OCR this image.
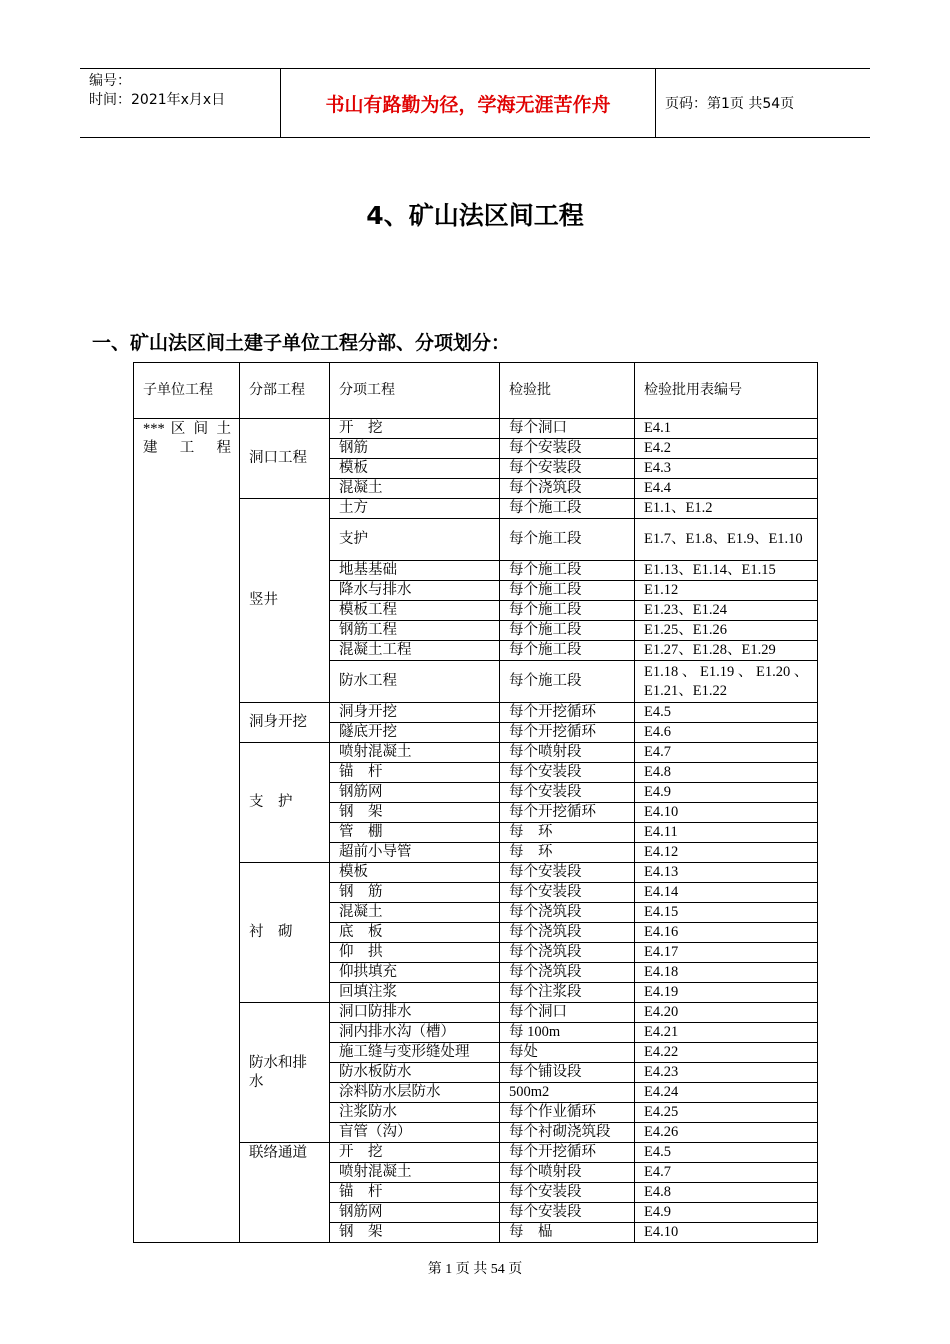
编号：
时间：2021年x月x日	书山有路勤为径，学海无涯苦作舟	页码：第1页 共54页
4、矿山法区间工程
一、矿山法区间土建子单位工程分部、分项划分：
子单位工程	分部工程	分项工程	检验批	检验批用表编号
*** 区 间 土建工程	洞口工程	开　挖	每个洞口	E4.1
		钢筋	每个安装段	E4.2
		模板	每个安装段	E4.3
		混凝土	每个浇筑段	E4.4
	竖井	土方	每个施工段	E1.1、E1.2
		支护	每个施工段	E1.7、E1.8、E1.9、E1.10
		地基基础	每个施工段	E1.13、E1.14、E1.15
		降水与排水	每个施工段	E1.12
		模板工程	每个施工段	E1.23、E1.24
		钢筋工程	每个施工段	E1.25、E1.26
		混凝土工程	每个施工段	E1.27、E1.28、E1.29
		防水工程	每个施工段	E1.18 、 E1.19 、 E1.20 、E1.21、E1.22
	洞身开挖	洞身开挖	每个开挖循环	E4.5
		隧底开挖	每个开挖循环	E4.6
	支　护	喷射混凝土	每个喷射段	E4.7
		锚　杆	每个安装段	E4.8
		钢筋网	每个安装段	E4.9
		钢　架	每个开挖循环	E4.10
		管　棚	每　环	E4.11
		超前小导管	每　环	E4.12
	衬　砌	模板	每个安装段	E4.13
		钢　筋	每个安装段	E4.14
		混凝土	每个浇筑段	E4.15
		底　板	每个浇筑段	E4.16
		仰　拱	每个浇筑段	E4.17
		仰拱填充	每个浇筑段	E4.18
		回填注浆	每个注浆段	E4.19
	防水和排水	洞口防排水	每个洞口	E4.20
		洞内排水沟（槽）	每 100m	E4.21
		施工缝与变形缝处理	每处	E4.22
		防水板防水	每个铺设段	E4.23
		涂料防水层防水	500m2	E4.24
		注浆防水	每个作业循环	E4.25
		盲管（沟）	每个衬砌浇筑段	E4.26
	联络通道	开　挖	每个开挖循环	E4.5
		喷射混凝土	每个喷射段	E4.7
		锚　杆	每个安装段	E4.8
		钢筋网	每个安装段	E4.9
		钢　架	每　榀	E4.10
第 1 页 共 54 页
